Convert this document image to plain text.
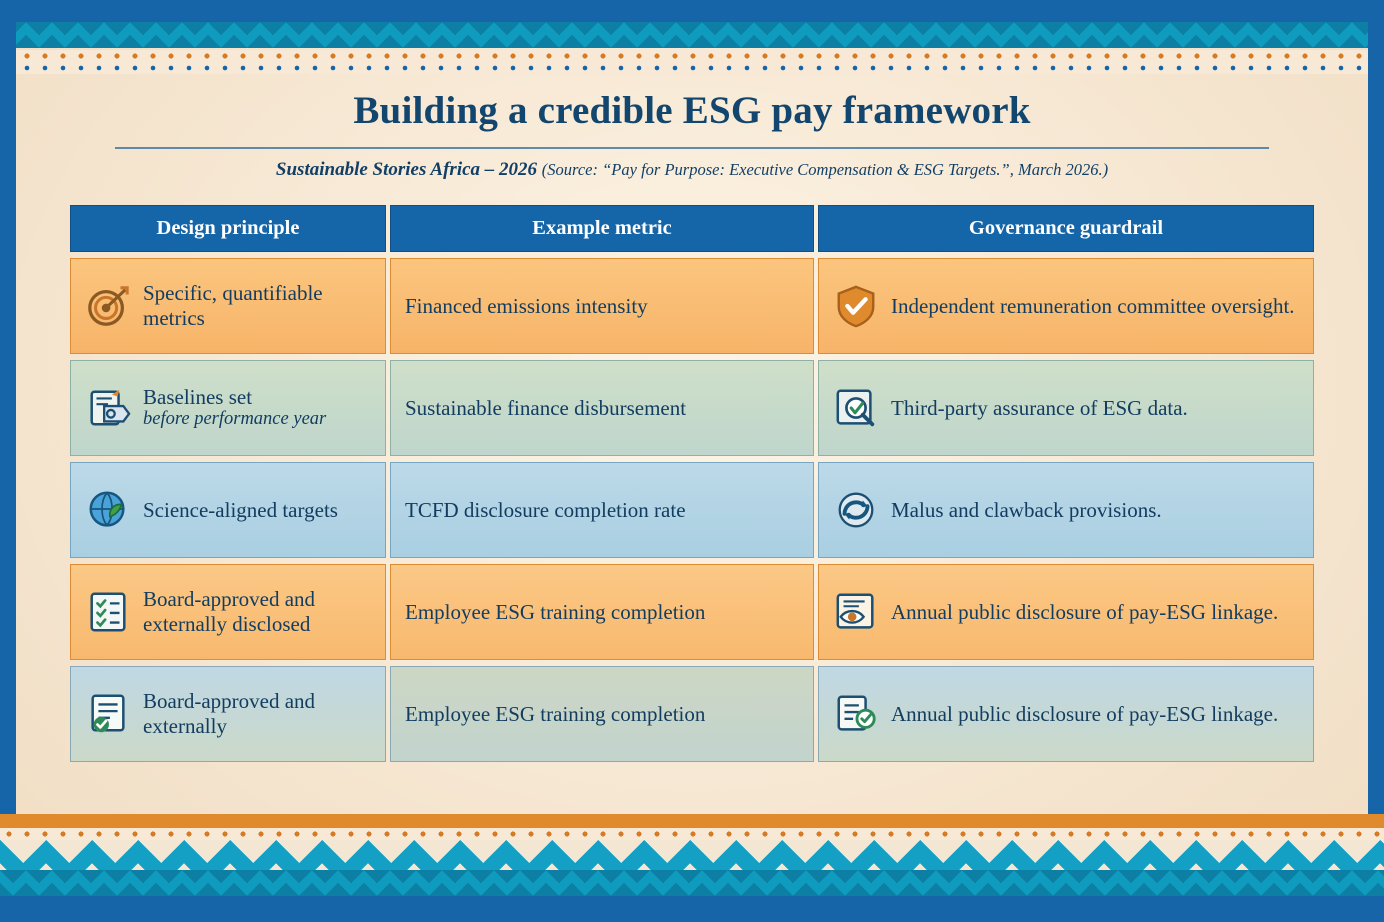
Building a credible ESG pay framework
Sustainable Stories Africa – 2026 (Source: “Pay for Purpose: Executive Compensation & ESG Targets.”, March 2026.)
Design principle	Example metric	Governance guardrail

Specific, quantifiable metrics	Financed emissions intensity	Independent remuneration committee oversight.

Baselines set
before performance year	Sustainable finance disbursement	Third-party assurance of ESG data.

Science-aligned targets	TCFD disclosure completion rate	Malus and clawback provisions.

Board-approved and externally disclosed	Employee ESG training completion	Annual public disclosure of pay-ESG linkage.

Board-approved and externally	Employee ESG training completion	Annual public disclosure of pay-ESG linkage.
